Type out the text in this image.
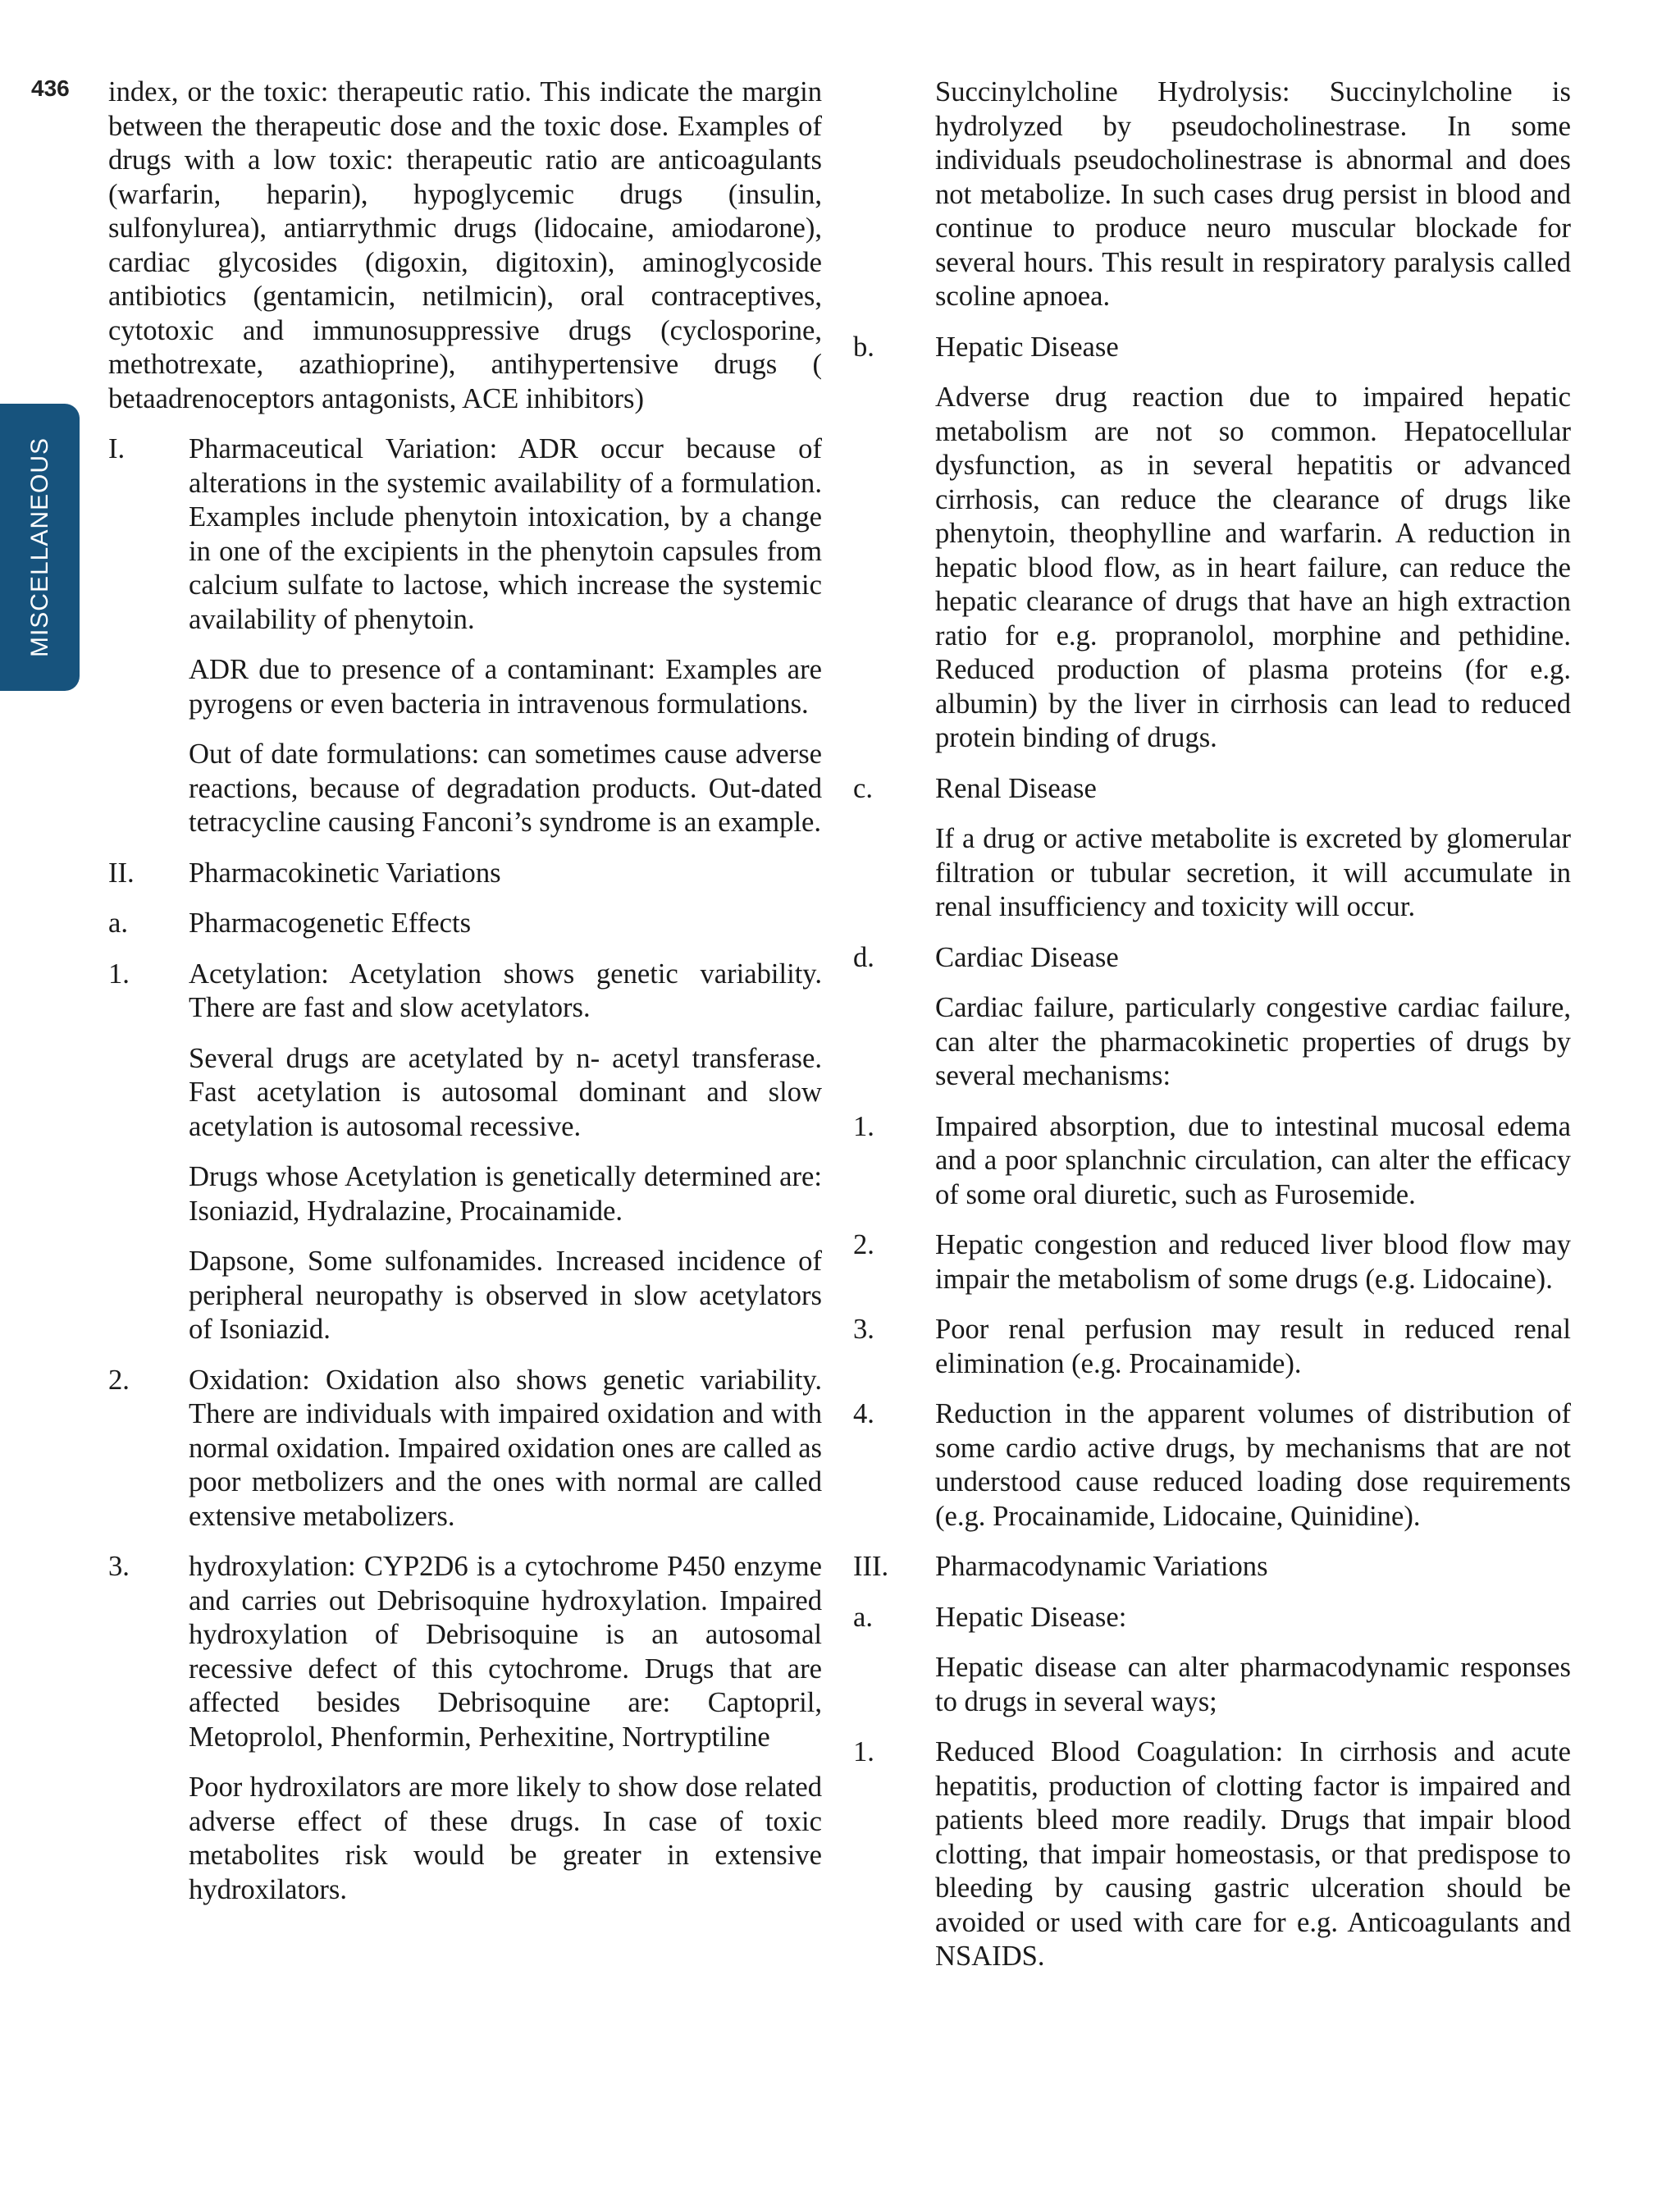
436
MISCELLANEOUS

index, or the toxic: therapeutic ratio. This indicate the margin between the therapeutic dose and the toxic dose. Examples of drugs with a low toxic: therapeutic ratio are anticoagulants (warfarin, heparin), hypoglycemic drugs (insulin, sulfonylurea), antiarrythmic drugs (lidocaine, amiodarone), cardiac glycosides (digoxin, digitoxin), aminoglycoside antibiotics (gentamicin, netilmicin), oral contraceptives, cytotoxic and immunosuppressive drugs (cyclosporine, methotrexate, azathioprine), antihypertensive drugs ( betaadrenoceptors antagonists, ACE inhibitors)

I.	Pharmaceutical Variation: ADR occur because of alterations in the systemic availability of a formulation. Examples include phenytoin intoxication, by a change in one of the excipients in the phenytoin capsules from calcium sulfate to lactose, which increase the systemic availability of phenytoin.

ADR due to presence of a contaminant: Examples are pyrogens or even bacteria in intravenous formulations.

Out of date formulations: can sometimes cause adverse reactions, because of degradation products. Out-dated tetracycline causing Fanconi’s syndrome is an example.

II.	Pharmacokinetic Variations
a.	Pharmacogenetic Effects
1.	Acetylation: Acetylation shows genetic variability. There are fast and slow acetylators.

Several drugs are acetylated by n- acetyl transferase. Fast acetylation is autosomal dominant and slow acetylation is autosomal recessive.

Drugs whose Acetylation is genetically determined are: Isoniazid, Hydralazine, Procainamide.

Dapsone, Some sulfonamides. Increased incidence of peripheral neuropathy is observed in slow acetylators of Isoniazid.

2.	Oxidation: Oxidation also shows genetic variability. There are individuals with impaired oxidation and with normal oxidation. Impaired oxidation ones are called as poor metbolizers and the ones with normal are called extensive metabolizers.
3.	hydroxylation: CYP2D6 is a cytochrome P450 enzyme and carries out Debrisoquine hydroxylation. Impaired hydroxylation of Debrisoquine is an autosomal recessive defect of this cytochrome. Drugs that are affected besides Debrisoquine are: Captopril, Metoprolol, Phenformin, Perhexitine, Nortryptiline

Poor hydroxilators are more likely to show dose related adverse effect of these drugs. In case of toxic metabolites risk would be greater in extensive hydroxilators.

Succinylcholine Hydrolysis: Succinylcholine is hydrolyzed by pseudocholinestrase. In some individuals pseudocholinestrase is abnormal and does not metabolize. In such cases drug persist in blood and continue to produce neuro muscular blockade for several hours. This result in respiratory paralysis called scoline apnoea.

b.	Hepatic Disease

Adverse drug reaction due to impaired hepatic metabolism are not so common. Hepatocellular dysfunction, as in several hepatitis or advanced cirrhosis, can reduce the clearance of drugs like phenytoin, theophylline and warfarin. A reduction in hepatic blood flow, as in heart failure, can reduce the hepatic clearance of drugs that have an high extraction ratio for e.g. propranolol, morphine and pethidine. Reduced production of plasma proteins (for e.g. albumin) by the liver in cirrhosis can lead to reduced protein binding of drugs.

c.	Renal Disease

If a drug or active metabolite is excreted by glomerular filtration or tubular secretion, it will accumulate in renal insufficiency and toxicity will occur.

d.	Cardiac Disease

Cardiac failure, particularly congestive cardiac failure, can alter the pharmacokinetic properties of drugs by several mechanisms:

1.	Impaired absorption, due to intestinal mucosal edema and a poor splanchnic circulation, can alter the efficacy of some oral diuretic, such as Furosemide.
2.	Hepatic congestion and reduced liver blood flow may impair the metabolism of some drugs (e.g. Lidocaine).
3.	Poor renal perfusion may result in reduced renal elimination (e.g. Procainamide).
4.	Reduction in the apparent volumes of distribution of some cardio active drugs, by mechanisms that are not understood cause reduced loading dose requirements (e.g. Procainamide, Lidocaine, Quinidine).
III.	Pharmacodynamic Variations
a.	Hepatic Disease:

Hepatic disease can alter pharmacodynamic responses to drugs in several ways;

1.	Reduced Blood Coagulation: In cirrhosis and acute hepatitis, production of clotting factor is impaired and patients bleed more readily. Drugs that impair blood clotting, that impair homeostasis, or that predispose to bleeding by causing gastric ulceration should be avoided or used with care for e.g. Anticoagulants and NSAIDS.
